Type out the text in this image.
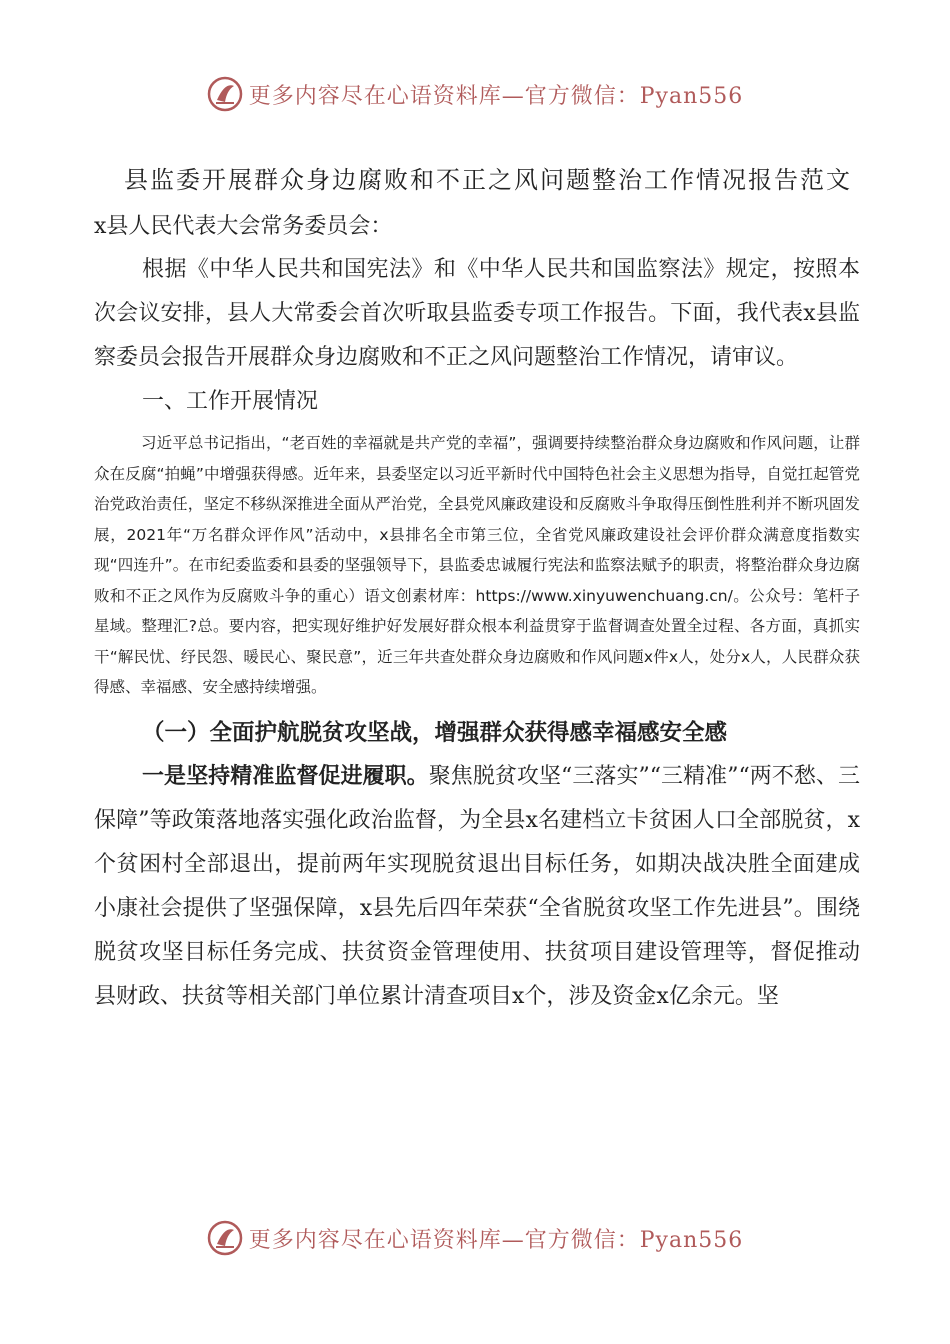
更多内容尽在心语资料库—官方微信：Pyan556
县监委开展群众身边腐败和不正之风问题整治工作情况报告范文
x县人民代表大会常务委员会：

根据《中华人民共和国宪法》和《中华人民共和国监察法》规定，按照本次会议安排，县人大常委会首次听取县监委专项工作报告。下面，我代表x县监察委员会报告开展群众身边腐败和不正之风问题整治工作情况，请审议。

一、工作开展情况

习近平总书记指出，“老百姓的幸福就是共产党的幸福”，强调要持续整治群众身边腐败和作风问题，让群众在反腐“拍蝇”中增强获得感。近年来，县委坚定以习近平新时代中国特色社会主义思想为指导，自觉扛起管党治党政治责任，坚定不移纵深推进全面从严治党，全县党风廉政建设和反腐败斗争取得压倒性胜利并不断巩固发展，2021年“万名群众评作风”活动中，x县排名全市第三位，全省党风廉政建设社会评价群众满意度指数实现“四连升”。在市纪委监委和县委的坚强领导下，县监委忠诚履行宪法和监察法赋予的职责，将整治群众身边腐败和不正之风作为反腐败斗争的重心）语文创素材库：https://www.xinyuwenchuang.cn/。公众号：笔杆子星域。整理汇?总。要内容，把实现好维护好发展好群众根本利益贯穿于监督调查处置全过程、各方面，真抓实干“解民忧、纾民怨、暖民心、聚民意”，近三年共查处群众身边腐败和作风问题x件x人，处分x人，人民群众获得感、幸福感、安全感持续增强。

（一）全面护航脱贫攻坚战，增强群众获得感幸福感安全感

一是坚持精准监督促进履职。聚焦脱贫攻坚“三落实”“三精准”“两不愁、三保障”等政策落地落实强化政治监督，为全县x名建档立卡贫困人口全部脱贫，x个贫困村全部退出，提前两年实现脱贫退出目标任务，如期决战决胜全面建成小康社会提供了坚强保障，x县先后四年荣获“全省脱贫攻坚工作先进县”。围绕脱贫攻坚目标任务完成、扶贫资金管理使用、扶贫项目建设管理等，督促推动县财政、扶贫等相关部门单位累计清查项目x个，涉及资金x亿余元。坚

更多内容尽在心语资料库—官方微信：Pyan556
